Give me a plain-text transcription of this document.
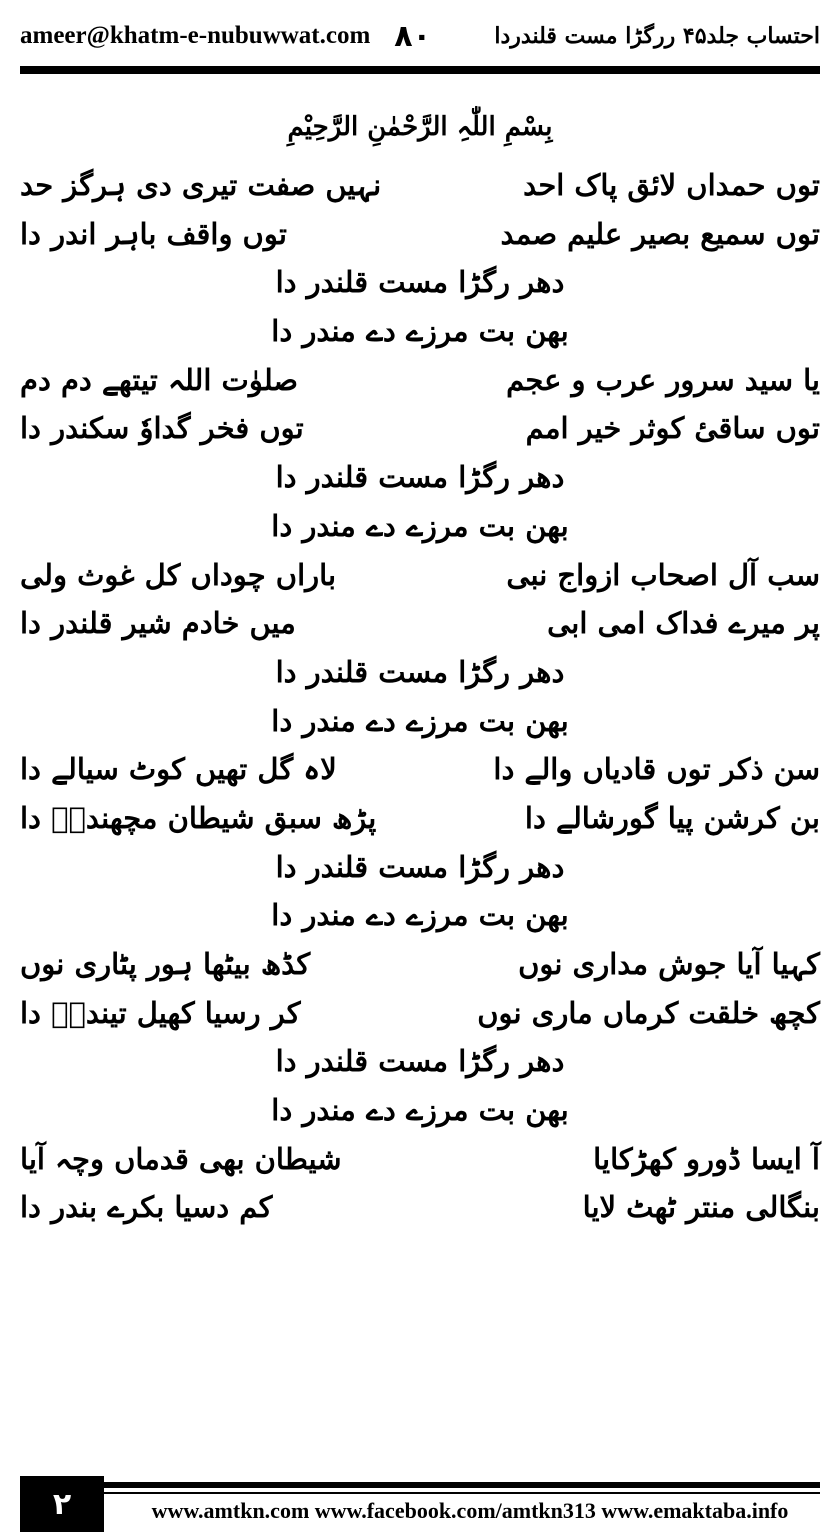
ameer@khatm-e-nubuwwat.com ۸۰	احتساب جلد۴۵ ررگڑا مست قلندردا
بِسْمِ اللّٰہِ الرَّحْمٰنِ الرَّحِیْمِ
توں حمداں لائق پاک احد
نہیں صفت تیری دی ہرگز حد
توں سمیع بصیر علیم صمد
توں واقف باہر اندر دا
دھر رگڑا مست قلندر دا
بھن بت مرزے دے مندر دا
یا سید سرور عرب و عجم
صلوٰت اللہ تیتھے دم دم
توں ساقیٔ کوثر خیر امم
توں فخر گداوٗ سکندر دا
دھر رگڑا مست قلندر دا
بھن بت مرزے دے مندر دا
سب آل اصحاب ازواج نبی
باراں چوداں کل غوث ولی
پر میرے فداک امی ابی
میں خادم شیر قلندر دا
دھر رگڑا مست قلندر دا
بھن بت مرزے دے مندر دا
سن ذکر توں قادیاں والے دا
لاہ گل تھیں کوٹ سیالے دا
بن کرشن پیا گورشالے دا
پڑھ سبق شیطان مچھندرؔ دا
دھر رگڑا مست قلندر دا
بھن بت مرزے دے مندر دا
کہیا آیا جوش مداری نوں
کڈھ بیٹھا ہور پٹاری نوں
کچھ خلقت کرماں ماری نوں
کر رسیا کھیل تیندرؔ دا
دھر رگڑا مست قلندر دا
بھن بت مرزے دے مندر دا
آ ایسا ڈورو کھڑکایا
شیطان بھی قدماں وچہ آیا
بنگالی منتر ٹھٹ لایا
کم دسیا بکرے بندر دا
۲	www.amtkn.com www.facebook.com/amtkn313 www.emaktaba.info
